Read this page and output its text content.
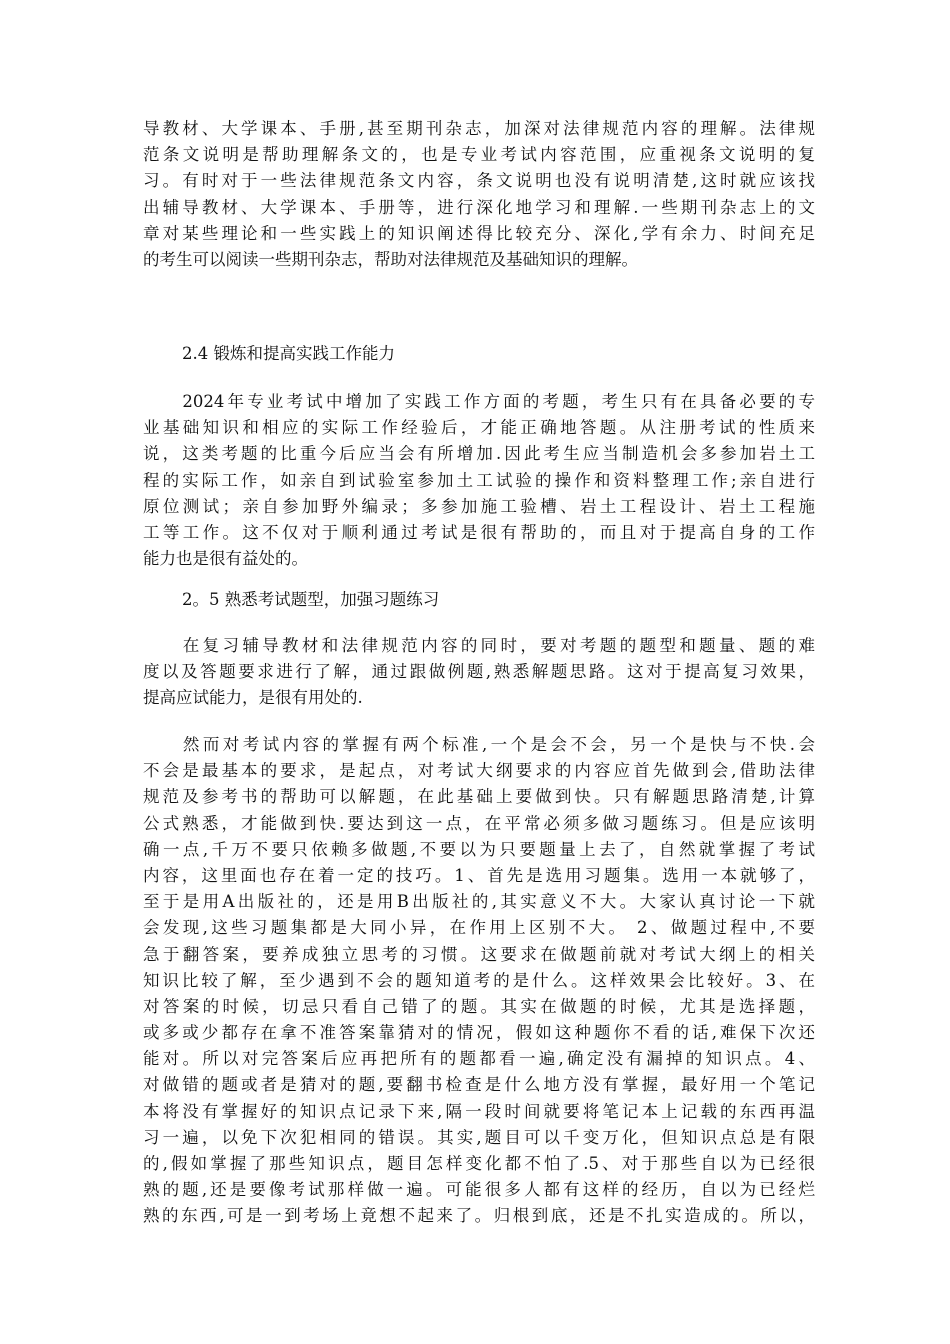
导教材、大学课本、手册,甚至期刊杂志，加深对法律规范内容的理解。法律规
范条文说明是帮助理解条文的，也是专业考试内容范围，应重视条文说明的复
习。有时对于一些法律规范条文内容，条文说明也没有说明清楚,这时就应该找
出辅导教材、大学课本、手册等，进行深化地学习和理解.一些期刊杂志上的文
章对某些理论和一些实践上的知识阐述得比较充分、深化,学有余力、时间充足
的考生可以阅读一些期刊杂志，帮助对法律规范及基础知识的理解。
2.4 锻炼和提高实践工作能力
　　2024年专业考试中增加了实践工作方面的考题，考生只有在具备必要的专
业基础知识和相应的实际工作经验后，才能正确地答题。从注册考试的性质来
说，这类考题的比重今后应当会有所增加.因此考生应当制造机会多参加岩土工
程的实际工作，如亲自到试验室参加土工试验的操作和资料整理工作;亲自进行
原位测试；亲自参加野外编录；多参加施工验槽、岩土工程设计、岩土工程施
工等工作。这不仅对于顺利通过考试是很有帮助的，而且对于提高自身的工作
能力也是很有益处的。
2。5 熟悉考试题型，加强习题练习
　　在复习辅导教材和法律规范内容的同时，要对考题的题型和题量、题的难
度以及答题要求进行了解，通过跟做例题,熟悉解题思路。这对于提高复习效果，
提高应试能力，是很有用处的.
　　然而对考试内容的掌握有两个标准,一个是会不会，另一个是快与不快.会
不会是最基本的要求，是起点，对考试大纲要求的内容应首先做到会,借助法律
规范及参考书的帮助可以解题，在此基础上要做到快。只有解题思路清楚,计算
公式熟悉，才能做到快.要达到这一点，在平常必须多做习题练习。但是应该明
确一点,千万不要只依赖多做题,不要以为只要题量上去了，自然就掌握了考试
内容，这里面也存在着一定的技巧。1、首先是选用习题集。选用一本就够了，
至于是用A出版社的，还是用B出版社的,其实意义不大。大家认真讨论一下就
会发现,这些习题集都是大同小异，在作用上区别不大。 2、做题过程中,不要
急于翻答案，要养成独立思考的习惯。这要求在做题前就对考试大纲上的相关
知识比较了解，至少遇到不会的题知道考的是什么。这样效果会比较好。3、在
对答案的时候，切忌只看自己错了的题。其实在做题的时候，尤其是选择题，
或多或少都存在拿不准答案靠猜对的情况，假如这种题你不看的话,难保下次还
能对。所以对完答案后应再把所有的题都看一遍,确定没有漏掉的知识点。4、
对做错的题或者是猜对的题,要翻书检查是什么地方没有掌握，最好用一个笔记
本将没有掌握好的知识点记录下来,隔一段时间就要将笔记本上记载的东西再温
习一遍，以免下次犯相同的错误。其实,题目可以千变万化，但知识点总是有限
的,假如掌握了那些知识点，题目怎样变化都不怕了.5、对于那些自以为已经很
熟的题,还是要像考试那样做一遍。可能很多人都有这样的经历，自以为已经烂
熟的东西,可是一到考场上竟想不起来了。归根到底，还是不扎实造成的。所以，
